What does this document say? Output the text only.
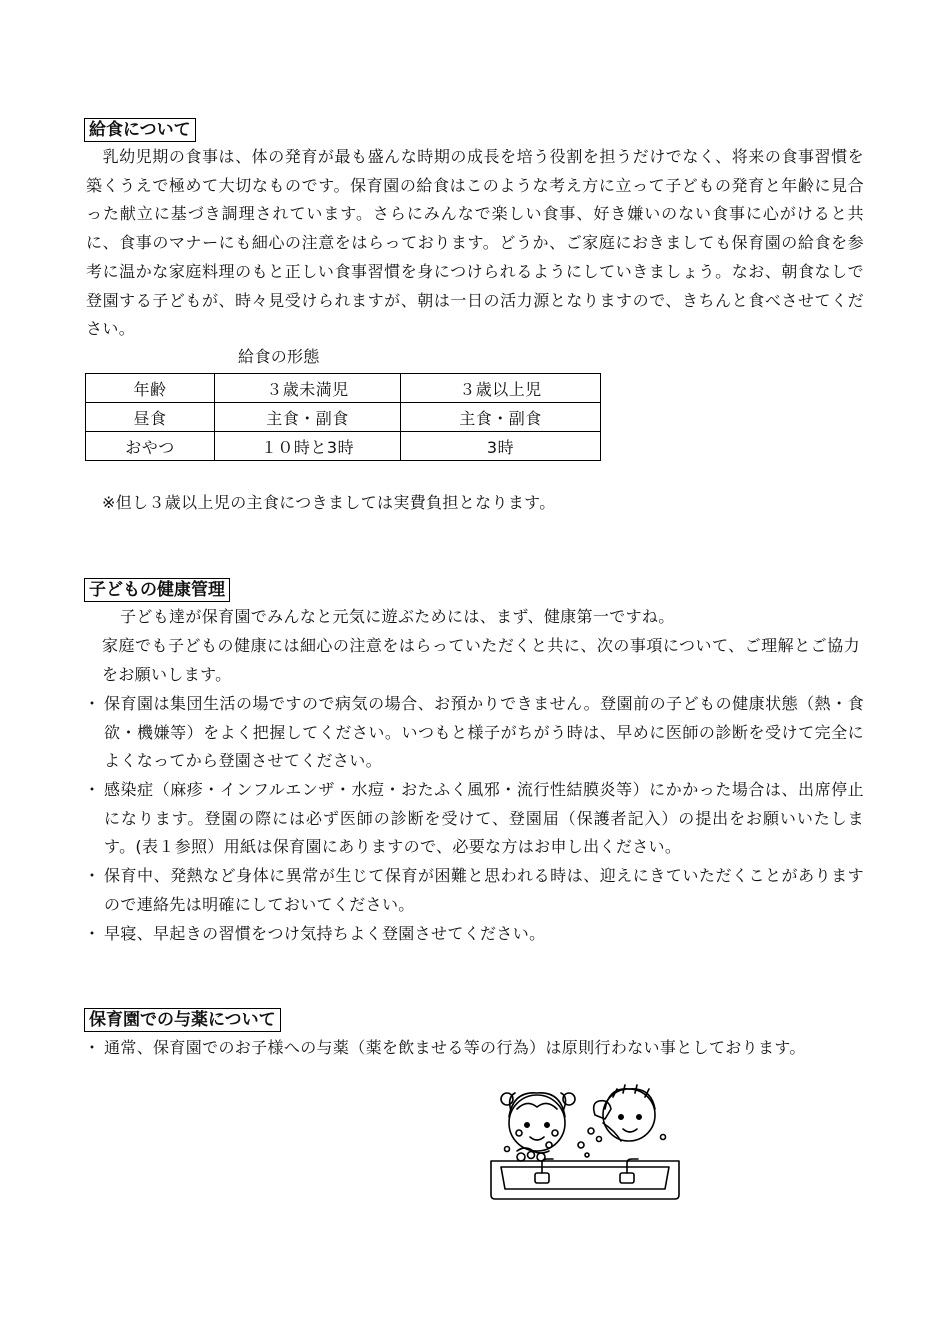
給食について
　乳幼児期の食事は、体の発育が最も盛んな時期の成長を培う役割を担うだけでなく、将来の食事習慣を築くうえで極めて大切なものです。保育園の給食はこのような考え方に立って子どもの発育と年齢に見合った献立に基づき調理されています。さらにみんなで楽しい食事、好き嫌いのない食事に心がけると共に、食事のマナーにも細心の注意をはらっております。どうか、ご家庭におきましても保育園の給食を参考に温かな家庭料理のもと正しい食事習慣を身につけられるようにしていきましょう。なお、朝食なしで登園する子どもが、時々見受けられますが、朝は一日の活力源となりますので、きちんと食べさせてください。
給食の形態
年齢	３歳未満児	３歳以上児
昼食	主食・副食	主食・副食
おやつ	１０時と3時	3時
※但し３歳以上児の主食につきましては実費負担となります。
子どもの健康管理
子ども達が保育園でみんなと元気に遊ぶためには、まず、健康第一ですね。
家庭でも子どもの健康には細心の注意をはらっていただくと共に、次の事項について、ご理解とご協力をお願いします。
・ 保育園は集団生活の場ですので病気の場合、お預かりできません。登園前の子どもの健康状態（熱・食欲・機嫌等）をよく把握してください。いつもと様子がちがう時は、早めに医師の診断を受けて完全によくなってから登園させてください。
・ 感染症（麻疹・インフルエンザ・水痘・おたふく風邪・流行性結膜炎等）にかかった場合は、出席停止になります。登園の際には必ず医師の診断を受けて、登園届（保護者記入）の提出をお願いいたします。(表１参照）用紙は保育園にありますので、必要な方はお申し出ください。
・ 保育中、発熱など身体に異常が生じて保育が困難と思われる時は、迎えにきていただくことがありますので連絡先は明確にしておいてください。
・ 早寝、早起きの習慣をつけ気持ちよく登園させてください。
保育園での与薬について
・ 通常、保育園でのお子様への与薬（薬を飲ませる等の行為）は原則行わない事としております。
